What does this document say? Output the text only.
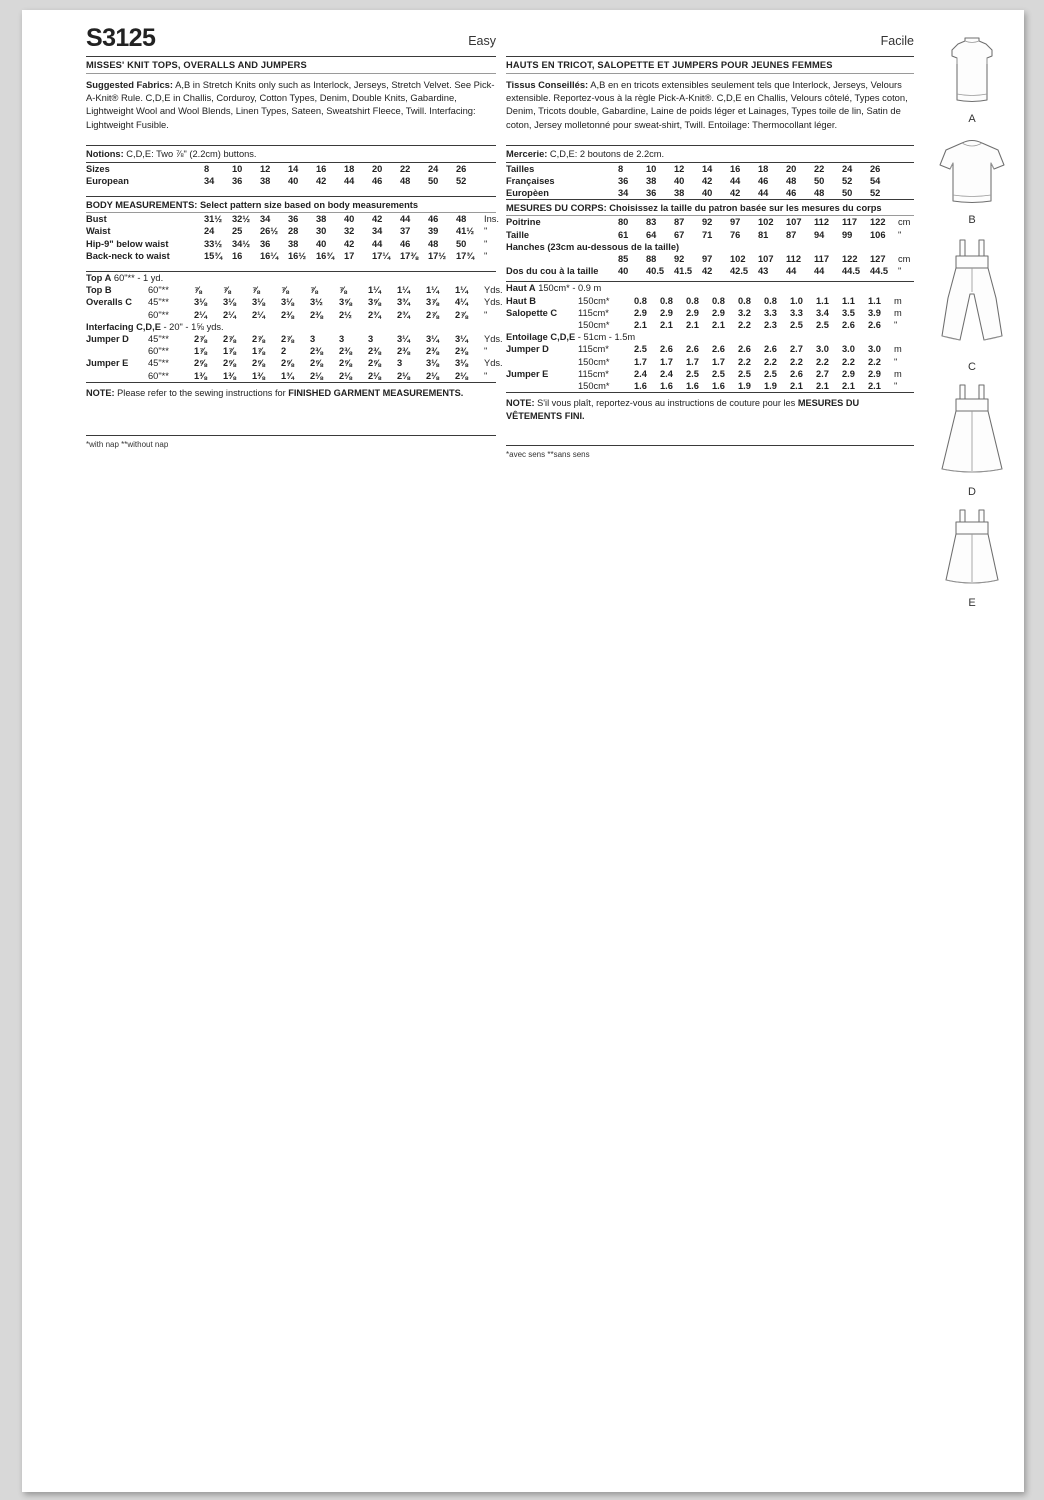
S3125	Easy
MISSES' KNIT TOPS, OVERALLS AND JUMPERS
Suggested Fabrics: A,B in Stretch Knits only such as Interlock, Jerseys, Stretch Velvet. See Pick-A-Knit® Rule. C,D,E in Challis, Corduroy, Cotton Types, Denim, Double Knits, Gabardine, Lightweight Wool and Wool Blends, Linen Types, Sateen, Sweatshirt Fleece, Twill. Interfacing: Lightweight Fusible.
Notions: C,D,E: Two ⅞" (2.2cm) buttons.
Sizes	8	10	12	14	16	18	20	22	24	26	
European	34	36	38	40	42	44	46	48	50	52	
BODY MEASUREMENTS: Select pattern size based on body measurements
Bust	31½	32½	34	36	38	40	42	44	46	48	Ins.
Waist	24	25	26½	28	30	32	34	37	39	41½	"
Hip-9" below waist	33½	34½	36	38	40	42	44	46	48	50	"
Back-neck to waist	15¾	16	16¼	16½	16¾	17	17¼	17⅜	17½	17¾	"
Top A 60"** - 1 yd.												
Top B	60"**	⅞	⅞	⅞	⅞	⅞	⅞	1¼	1¼	1¼	1¼	Yds.
Overalls C	45"**	3⅛	3⅛	3⅛	3⅛	3½	3⅝	3⅝	3¾	3⅞	4¼	Yds.
	60"**	2¼	2¼	2¼	2⅜	2⅜	2½	2¾	2¾	2⅞	2⅞	"
Interfacing C,D,E - 20" - 1⅝ yds.												
Jumper D	45"**	2⅞	2⅞	2⅞	2⅞	3	3	3	3¼	3¼	3¼	Yds.
	60"**	1⅞	1⅞	1⅞	2	2⅜	2⅜	2⅜	2⅜	2⅜	2⅜	"
Jumper E	45"**	2⅝	2⅝	2⅝	2⅝	2⅝	2⅝	2⅝	3	3⅛	3⅛	Yds.
	60"**	1⅜	1⅜	1⅜	1¾	2⅛	2⅛	2⅛	2⅛	2⅛	2⅛	"
NOTE: Please refer to the sewing instructions for FINISHED GARMENT MEASUREMENTS.
*with nap **without nap
Facile
HAUTS EN TRICOT, SALOPETTE ET JUMPERS POUR JEUNES FEMMES
Tissus Conseillés: A,B en en tricots extensibles seulement tels que Interlock, Jerseys, Velours extensible. Reportez-vous à la règle Pick-A-Knit®. C,D,E en Challis, Velours côtelé, Types coton, Denim, Tricots double, Gabardine, Laine de poids léger et Lainages, Types toile de lin, Satin de coton, Jersey molletonné pour sweat-shirt, Twill. Entoilage: Thermocollant léger.
Mercerie: C,D,E: 2 boutons de 2.2cm.
Tailles	8	10	12	14	16	18	20	22	24	26	
Françaises	36	38	40	42	44	46	48	50	52	54	
Europèen	34	36	38	40	42	44	46	48	50	52	
MESURES DU CORPS: Choisissez la taille du patron basée sur les mesures du corps
Poitrine	80	83	87	92	97	102	107	112	117	122	cm
Taille	61	64	67	71	76	81	87	94	99	106	"
Hanches (23cm au-dessous de la taille)											
	85	88	92	97	102	107	112	117	122	127	cm
Dos du cou à la taille	40	40.5	41.5	42	42.5	43	44	44	44.5	44.5	"
Haut A 150cm* - 0.9 m												
Haut B	150cm*	0.8	0.8	0.8	0.8	0.8	0.8	1.0	1.1	1.1	1.1	m
Salopette C	115cm*	2.9	2.9	2.9	2.9	3.2	3.3	3.3	3.4	3.5	3.9	m
	150cm*	2.1	2.1	2.1	2.1	2.2	2.3	2.5	2.5	2.6	2.6	"
Entoilage C,D,E - 51cm - 1.5m												
Jumper D	115cm*	2.5	2.6	2.6	2.6	2.6	2.6	2.7	3.0	3.0	3.0	m
	150cm*	1.7	1.7	1.7	1.7	2.2	2.2	2.2	2.2	2.2	2.2	"
Jumper E	115cm*	2.4	2.4	2.5	2.5	2.5	2.5	2.6	2.7	2.9	2.9	m
	150cm*	1.6	1.6	1.6	1.6	1.9	1.9	2.1	2.1	2.1	2.1	"
NOTE: S'il vous plaît, reportez-vous au instructions de couture pour les MESURES DU VÊTEMENTS FINI.
*avec sens **sans sens
A
B
C
D
E
